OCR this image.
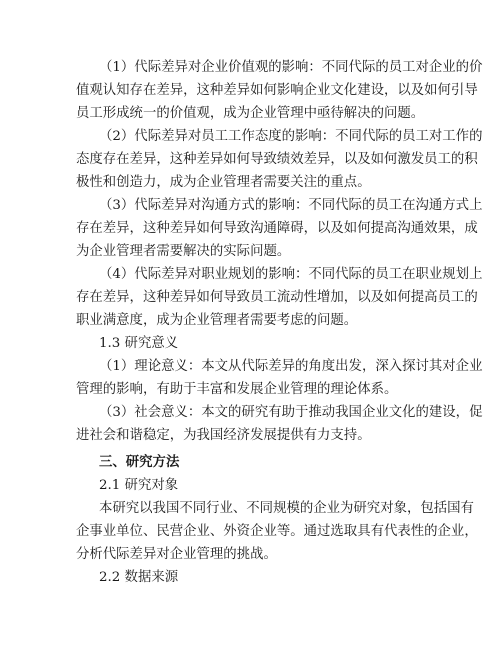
（1）代际差异对企业价值观的影响：不同代际的员工对企业的价
值观认知存在差异，这种差异如何影响企业文化建设，以及如何引导
员工形成统一的价值观，成为企业管理中亟待解决的问题。
（2）代际差异对员工工作态度的影响：不同代际的员工对工作的
态度存在差异，这种差异如何导致绩效差异，以及如何激发员工的积
极性和创造力，成为企业管理者需要关注的重点。
（3）代际差异对沟通方式的影响：不同代际的员工在沟通方式上
存在差异，这种差异如何导致沟通障碍，以及如何提高沟通效果，成
为企业管理者需要解决的实际问题。
（4）代际差异对职业规划的影响：不同代际的员工在职业规划上
存在差异，这种差异如何导致员工流动性增加，以及如何提高员工的
职业满意度，成为企业管理者需要考虑的问题。
1.3 研究意义
（1）理论意义：本文从代际差异的角度出发，深入探讨其对企业
管理的影响，有助于丰富和发展企业管理的理论体系。
（3）社会意义：本文的研究有助于推动我国企业文化的建设，促
进社会和谐稳定，为我国经济发展提供有力支持。
三、研究方法
2.1 研究对象
本研究以我国不同行业、不同规模的企业为研究对象，包括国有
企事业单位、民营企业、外资企业等。通过选取具有代表性的企业，
分析代际差异对企业管理的挑战。
2.2 数据来源
